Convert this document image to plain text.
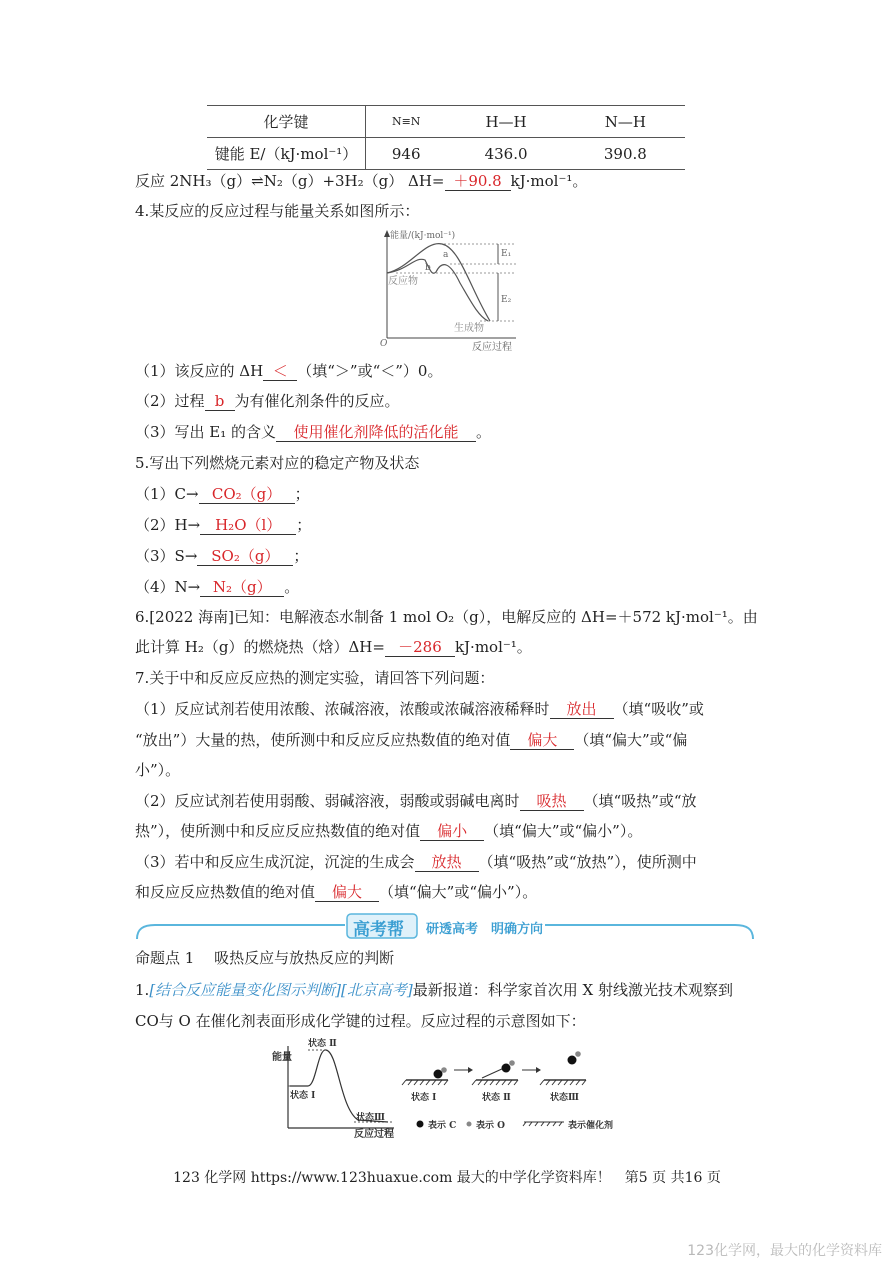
化学键	N≡N	H—H	N—H
键能 E/（kJ·mol⁻¹）	946	436.0	390.8
反应 2NH₃（g）⇌N₂（g）+3H₂（g） ΔH= ＋90.8 kJ·mol⁻¹。
4.某反应的反应过程与能量关系如图所示：
能量/(kJ·mol⁻¹)
a
b
E₁
E₂
反应物
生成物
O	反应过程
（1）该反应的 ΔH ＜ （填“＞”或“＜”）0。
（2）过程 b 为有催化剂条件的反应。
（3）写出 E₁ 的含义 使用催化剂降低的活化能 。
5.写出下列燃烧元素对应的稳定产物及状态
（1）C→ CO₂（g） ；
（2）H→ H₂O（l） ；
（3）S→ SO₂（g） ；
（4）N→ N₂（g） 。
6.[2022 海南]已知：电解液态水制备 1 mol O₂（g），电解反应的 ΔH=＋572 kJ·mol⁻¹。由
此计算 H₂（g）的燃烧热（焓）ΔH= －286 kJ·mol⁻¹。
7.关于中和反应反应热的测定实验，请回答下列问题：
（1）反应试剂若使用浓酸、浓碱溶液，浓酸或浓碱溶液稀释时 放出 （填“吸收”或
“放出”）大量的热，使所测中和反应反应热数值的绝对值 偏大 （填“偏大”或“偏
小”）。
（2）反应试剂若使用弱酸、弱碱溶液，弱酸或弱碱电离时 吸热 （填“吸热”或“放
热”），使所测中和反应反应热数值的绝对值 偏小 （填“偏大”或“偏小”）。
（3）若中和反应生成沉淀，沉淀的生成会 放热 （填“吸热”或“放热”），使所测中
和反应反应热数值的绝对值 偏大 （填“偏大”或“偏小”）。
高考帮 研透高考　明确方向
命题点 1　 吸热反应与放热反应的判断
1.[结合反应能量变化图示判断][北京高考]最新报道：科学家首次用 X 射线激光技术观察到
CO与 O 在催化剂表面形成化学键的过程。反应过程的示意图如下：
能量
状态 Ⅱ
状态 Ⅰ
状态Ⅲ
反应过程
状态 Ⅰ	状态 Ⅱ	状态Ⅲ
表示 C 表示 O	表示催化剂
123 化学网 https://www.123huaxue.com 最大的中学化学资料库！　第5 页 共16 页
123化学网，最大的化学资料库
